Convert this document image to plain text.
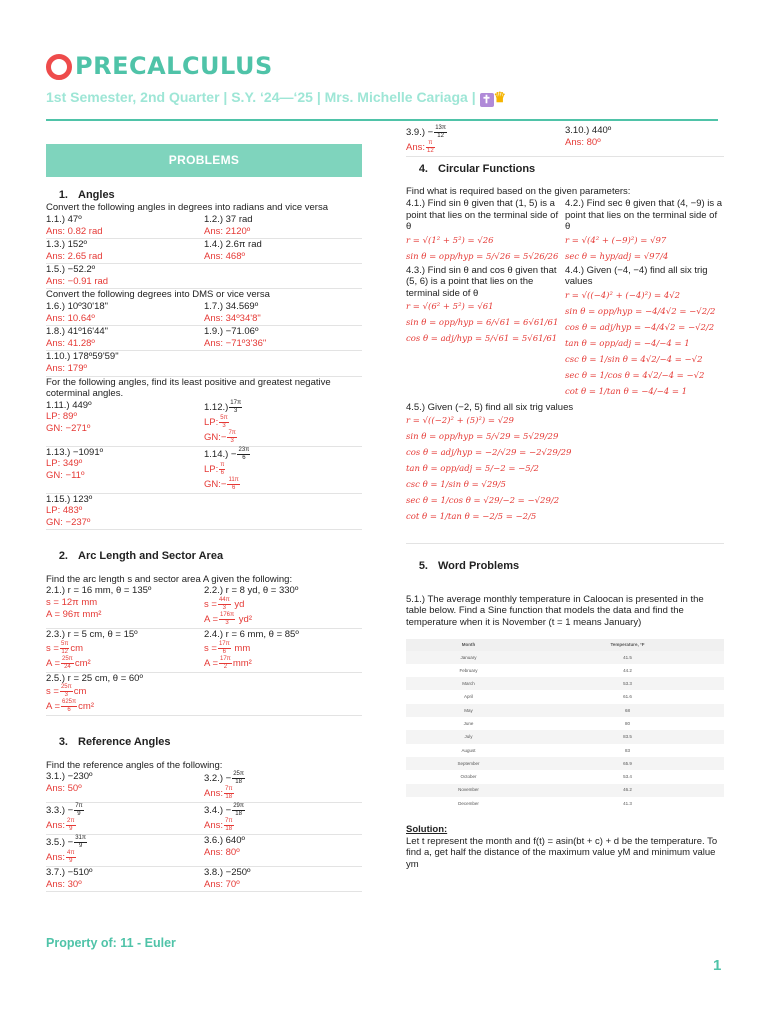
PRECALCULUS
1st Semester, 2nd Quarter | S.Y. ‘24—‘25 | Mrs. Michelle Cariaga | ✝ ♛
PROBLEMS
1. Angles
Convert the following angles in degrees into radians and vice versa
1.1.) 47º
Ans: 0.82 rad
1.2.) 37 rad
Ans: 2120º
1.3.) 152º
Ans: 2.65 rad
1.4.) 2.6π rad
Ans: 468º
1.5.) −52.2º
Ans: −0.91 rad
Convert the following degrees into DMS or vice versa
1.6.) 10º30'18"
Ans: 10.64º
1.7.) 34.569º
Ans: 34º34'8"
1.8.) 41º16'44"
Ans: 41.28º
1.9.) −71.06º
Ans: −71º3'36"
1.10.) 178º59'59"
Ans: 179º
For the following angles, find its least positive and greatest negative coterminal angles.
1.11.) 449º
LP: 89º
GN: −271º
$1.12.) \frac{17\pi}{3}$
LP: $\frac{5\pi}{3}$
GN:− $\frac{7\pi}{3}$
1.13.) −1091º
LP: 349º
GN: −11º
$1.14.) - \frac{23\pi}{6}$
LP: $\frac{\pi}{6}$
GN:− $\frac{11\pi}{6}$
1.15.) 123º
LP: 483º
GN: −237º
2. Arc Length and Sector Area
Find the arc length s and sector area A given the following:
2.1.) r = 16 mm, θ = 135º
s = 12π mm
A = 96π mm²
2.2.) r = 8 yd, θ = 330º
$s = \frac{44\pi}{3}$ yd
$A = \frac{176\pi}{3} yd^2$
2.3.) r = 5 cm, θ = 15º
$s = \frac{5\pi}{12}$ cm
$A = \frac{25\pi}{24} cm^2$
2.4.) r = 6 mm, θ = 85º
$s = \frac{17\pi}{6}$ mm
$A = \frac{17\pi}{2} mm^2$
2.5.) r = 25 cm, θ = 60º
$s = \frac{25\pi}{3}$ cm
$A = \frac{625\pi}{6} cm^2$
3. Reference Angles
Find the reference angles of the following:
3.1.) −230º
Ans: 50º
$3.2.) - \frac{25\pi}{18}$
Ans: $\frac{7\pi}{18}$
$3.3.) - \frac{7\pi}{9}$
Ans: $\frac{2\pi}{9}$
$3.4.) - \frac{29\pi}{18}$
Ans: $\frac{7\pi}{18}$
$3.5.) - \frac{31\pi}{9}$
Ans: $\frac{4\pi}{9}$
3.6.) 640º
Ans: 80º
3.7.) −510º
Ans: 30º
3.8.) −250º
Ans: 70º
$3.9.) - \frac{13\pi}{12}$
Ans: $\frac{\pi}{12}$
3.10.) 440º
Ans: 80º
4. Circular Functions
Find what is required based on the given parameters:
4.1.) Find sin θ given that (1, 5) is a point that lies on the terminal side of θ
r = √(1² + 5²) = √26
sin θ = opp/hyp = 5/√26 = 5√26/26
4.2.) Find sec θ given that (4, −9) is a point that lies on the terminal side of θ
r = √(4² + (−9)²) = √97
sec θ = hyp/adj = √97/4
4.3.) Find sin θ and cos θ given that (5, 6) is a point that lies on the terminal side of θ
r = √(6² + 5²) = √61
sin θ = opp/hyp = 6/√61 = 6√61/61
cos θ = adj/hyp = 5/√61 = 5√61/61
4.4.) Given (−4, −4) find all six trig values
r = √((−4)² + (−4)²) = 4√2
sin θ = opp/hyp = −4/4√2 = −√2/2
cos θ = adj/hyp = −4/4√2 = −√2/2
tan θ = opp/adj = −4/−4 = 1
csc θ = 1/sin θ = 4√2/−4 = −√2
sec θ = 1/cos θ = 4√2/−4 = −√2
cot θ = 1/tan θ = −4/−4 = 1
4.5.) Given (−2, 5) find all six trig values
r = √((−2)² + (5)²) = √29
sin θ = opp/hyp = 5/√29 = 5√29/29
cos θ = adj/hyp = −2/√29 = −2√29/29
tan θ = opp/adj = 5/−2 = −5/2
csc θ = 1/sin θ = √29/5
sec θ = 1/cos θ = √29/−2 = −√29/2
cot θ = 1/tan θ = −2/5 = −2/5
5. Word Problems
5.1.) The average monthly temperature in Caloocan is presented in the table below. Find a Sine function that models the data and find the temperature when it is November (t = 1 means January)
Month	Temperature, °F
January	41.5
February	44.2
March	53.3
April	61.6
May	68
June	80
July	83.5
August	83
September	65.9
October	53.4
November	46.2
December	41.3
Solution:
Let t represent the month and f(t) = asin(bt + c) + d be the temperature. To find a, get half the distance of the maximum value yM and minimum value ym
Property of: 11 - Euler
1
